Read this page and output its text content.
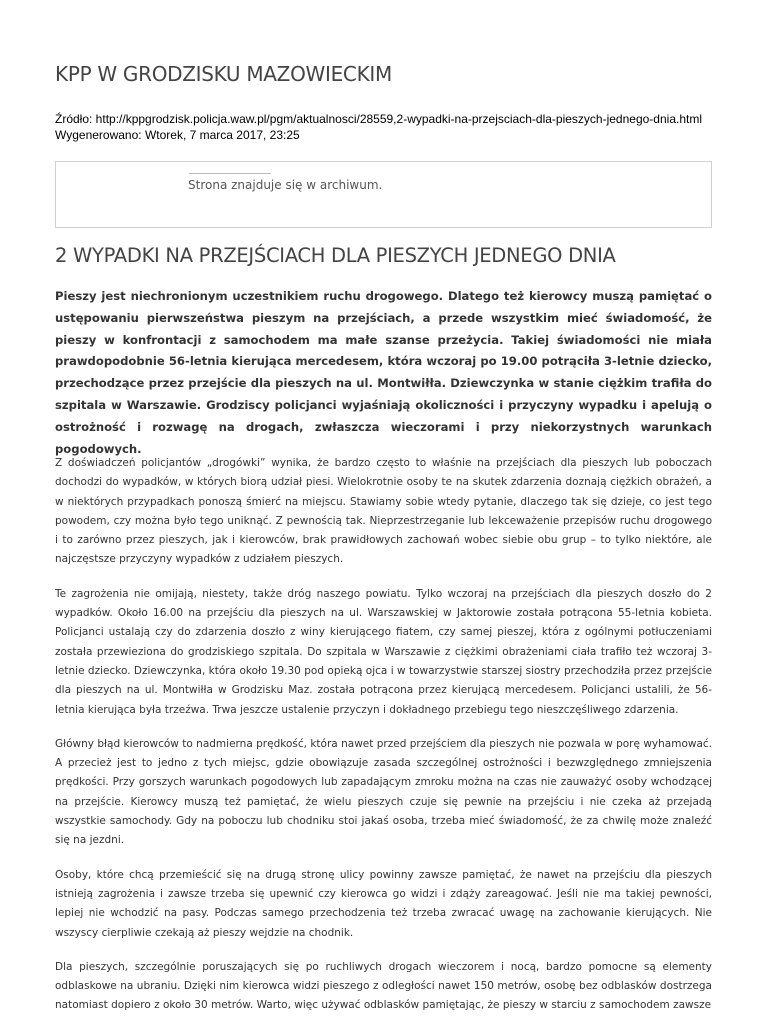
KPP W GRODZISKU MAZOWIECKIM
Źródło: http://kppgrodzisk.policja.waw.pl/pgm/aktualnosci/28559,2-wypadki-na-przejsciach-dla-pieszych-jednego-dnia.html
Wygenerowano: Wtorek, 7 marca 2017, 23:25
Strona znajduje się w archiwum.
2 WYPADKI NA PRZEJŚCIACH DLA PIESZYCH JEDNEGO DNIA

Pieszy jest niechronionym uczestnikiem ruchu drogowego. Dlatego też kierowcy muszą pamiętać o ustępowaniu pierwszeństwa pieszym na przejściach, a przede wszystkim mieć świadomość, że pieszy w konfrontacji z samochodem ma małe szanse przeżycia. Takiej świadomości nie miała prawdopodobnie 56-letnia kierująca mercedesem, która wczoraj po 19.00 potrąciła 3-letnie dziecko, przechodzące przez przejście dla pieszych na ul. Montwiłła. Dziewczynka w stanie ciężkim trafiła do szpitala w Warszawie. Grodziscy policjanci wyjaśniają okoliczności i przyczyny wypadku i apelują o ostrożność i rozwagę na drogach, zwłaszcza wieczorami i przy niekorzystnych warunkach pogodowych.

Z doświadczeń policjantów „drogówki” wynika, że bardzo często to właśnie na przejściach dla pieszych lub poboczach dochodzi do wypadków, w których biorą udział piesi. Wielokrotnie osoby te na skutek zdarzenia doznają ciężkich obrażeń, a w niektórych przypadkach ponoszą śmierć na miejscu. Stawiamy sobie wtedy pytanie, dlaczego tak się dzieje, co jest tego powodem, czy można było tego uniknąć. Z pewnością tak. Nieprzestrzeganie lub lekceważenie przepisów ruchu drogowego i to zarówno przez pieszych, jak i kierowców, brak prawidłowych zachowań wobec siebie obu grup – to tylko niektóre, ale najczęstsze przyczyny wypadków z udziałem pieszych.

Te zagrożenia nie omijają, niestety, także dróg naszego powiatu. Tylko wczoraj na przejściach dla pieszych doszło do 2 wypadków. Około 16.00 na przejściu dla pieszych na ul. Warszawskiej w Jaktorowie została potrącona 55-letnia kobieta. Policjanci ustalają czy do zdarzenia doszło z winy kierującego fiatem, czy samej pieszej, która z ogólnymi potłuczeniami została przewieziona do grodziskiego szpitala. Do szpitala w Warszawie z ciężkimi obrażeniami ciała trafiło też wczoraj 3-letnie dziecko. Dziewczynka, która około 19.30 pod opieką ojca i w towarzystwie starszej siostry przechodziła przez przejście dla pieszych na ul. Montwiłła w Grodzisku Maz. została potrącona przez kierującą mercedesem. Policjanci ustalili, że 56-letnia kierująca była trzeźwa. Trwa jeszcze ustalenie przyczyn i dokładnego przebiegu tego nieszczęśliwego zdarzenia.

Główny błąd kierowców to nadmierna prędkość, która nawet przed przejściem dla pieszych nie pozwala w porę wyhamować. A przecież jest to jedno z tych miejsc, gdzie obowiązuje zasada szczególnej ostrożności i bezwzględnego zmniejszenia prędkości. Przy gorszych warunkach pogodowych lub zapadającym zmroku można na czas nie zauważyć osoby wchodzącej na przejście. Kierowcy muszą też pamiętać, że wielu pieszych czuje się pewnie na przejściu i nie czeka aż przejadą wszystkie samochody. Gdy na poboczu lub chodniku stoi jakaś osoba, trzeba mieć świadomość, że za chwilę może znaleźć się na jezdni.

Osoby, które chcą przemieścić się na drugą stronę ulicy powinny zawsze pamiętać, że nawet na przejściu dla pieszych istnieją zagrożenia i zawsze trzeba się upewnić czy kierowca go widzi i zdąży zareagować. Jeśli nie ma takiej pewności, lepiej nie wchodzić na pasy. Podczas samego przechodzenia też trzeba zwracać uwagę na zachowanie kierujących. Nie wszyscy cierpliwie czekają aż pieszy wejdzie na chodnik.

Dla pieszych, szczególnie poruszających się po ruchliwych drogach wieczorem i nocą, bardzo pomocne są elementy odblaskowe na ubraniu. Dzięki nim kierowca widzi pieszego z odległości nawet 150 metrów, osobę bez odblasków dostrzega natomiast dopiero z około 30 metrów. Warto, więc używać odblasków pamiętając, że pieszy w starciu z samochodem zawsze
